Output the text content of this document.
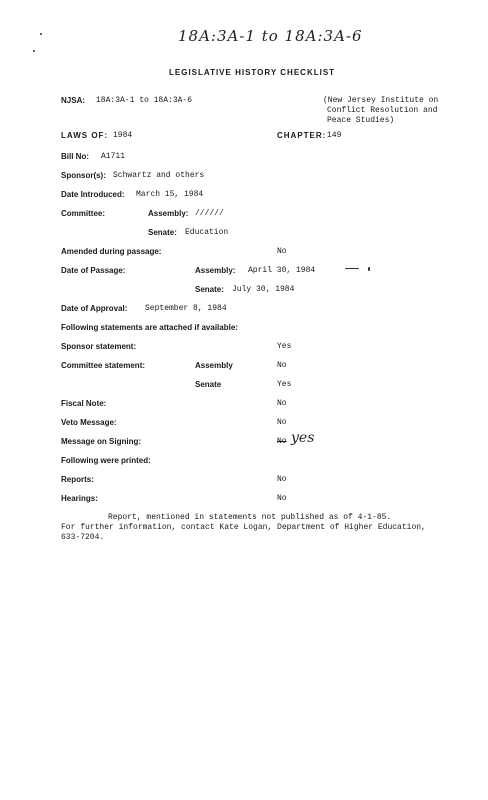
18A:3A-1 to 18A:3A-6
LEGISLATIVE HISTORY CHECKLIST
NJSA: 18A:3A-1 to 18A:3A-6	(New Jersey Institute on
Conflict Resolution and
Peace Studies)
LAWS OF: 1984	CHAPTER: 149
Bill No: A1711
Sponsor(s): Schwartz and others
Date Introduced: March 15, 1984
Committee:	Assembly: //////
Senate: Education
Amended during passage:	No
Date of Passage:	Assembly: April 30, 1984
Senate: July 30, 1984
Date of Approval: September 8, 1984
Following statements are attached if available:
Sponsor statement:	Yes
Committee statement:	Assembly	No
Senate	Yes
Fiscal Note:	No
Veto Message:	No
Message on Signing:	No yes
Following were printed:
Reports:	No
Hearings:	No
Report, mentioned in statements not published as of 4-1-85.
For further information, contact Kate Logan, Department of Higher Education,
633-7204.
